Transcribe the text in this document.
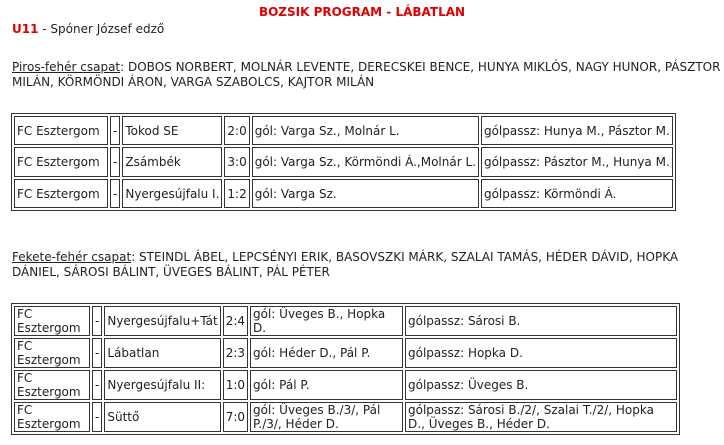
BOZSIK PROGRAM - LÁBATLAN
U11 - Spóner József edző
Piros-fehér csapat: DOBOS NORBERT, MOLNÁR LEVENTE, DERECSKEI BENCE, HUNYA MIKLÓS, NAGY HUNOR, PÁSZTOR MILÁN, KÖRMÖNDI ÁRON, VARGA SZABOLCS, KAJTOR MILÁN
FC Esztergom	-	Tokod SE	2:0	gól: Varga Sz., Molnár L.	gólpassz: Hunya M., Pásztor M.
FC Esztergom	-	Zsámbék	3:0	gól: Varga Sz., Körmöndi Á.,Molnár L.	gólpassz: Pásztor M., Hunya M.
FC Esztergom	-	Nyergesújfalu I.	1:2	gól: Varga Sz.	gólpassz: Körmöndi Á.
Fekete-fehér csapat: STEINDL ÁBEL, LEPCSÉNYI ERIK, BASOVSZKI MÁRK, SZALAI TAMÁS, HÉDER DÁVID, HOPKA DÁNIEL, SÁROSI BÁLINT, ÜVEGES BÁLINT, PÁL PÉTER
FC Esztergom	-	Nyergesújfalu+Tát	2:4	gól: Üveges B., Hopka D.	gólpassz: Sárosi B.
FC Esztergom	-	Lábatlan	2:3	gól: Héder D., Pál P.	gólpassz: Hopka D.
FC Esztergom	-	Nyergesújfalu II:	1:0	gól: Pál P.	gólpassz: Üveges B.
FC Esztergom	-	Süttő	7:0	gól: Üveges B./3/, Pál P./3/, Héder D.	gólpassz: Sárosi B./2/, Szalai T./2/, Hopka D., Üveges B., Héder D.
